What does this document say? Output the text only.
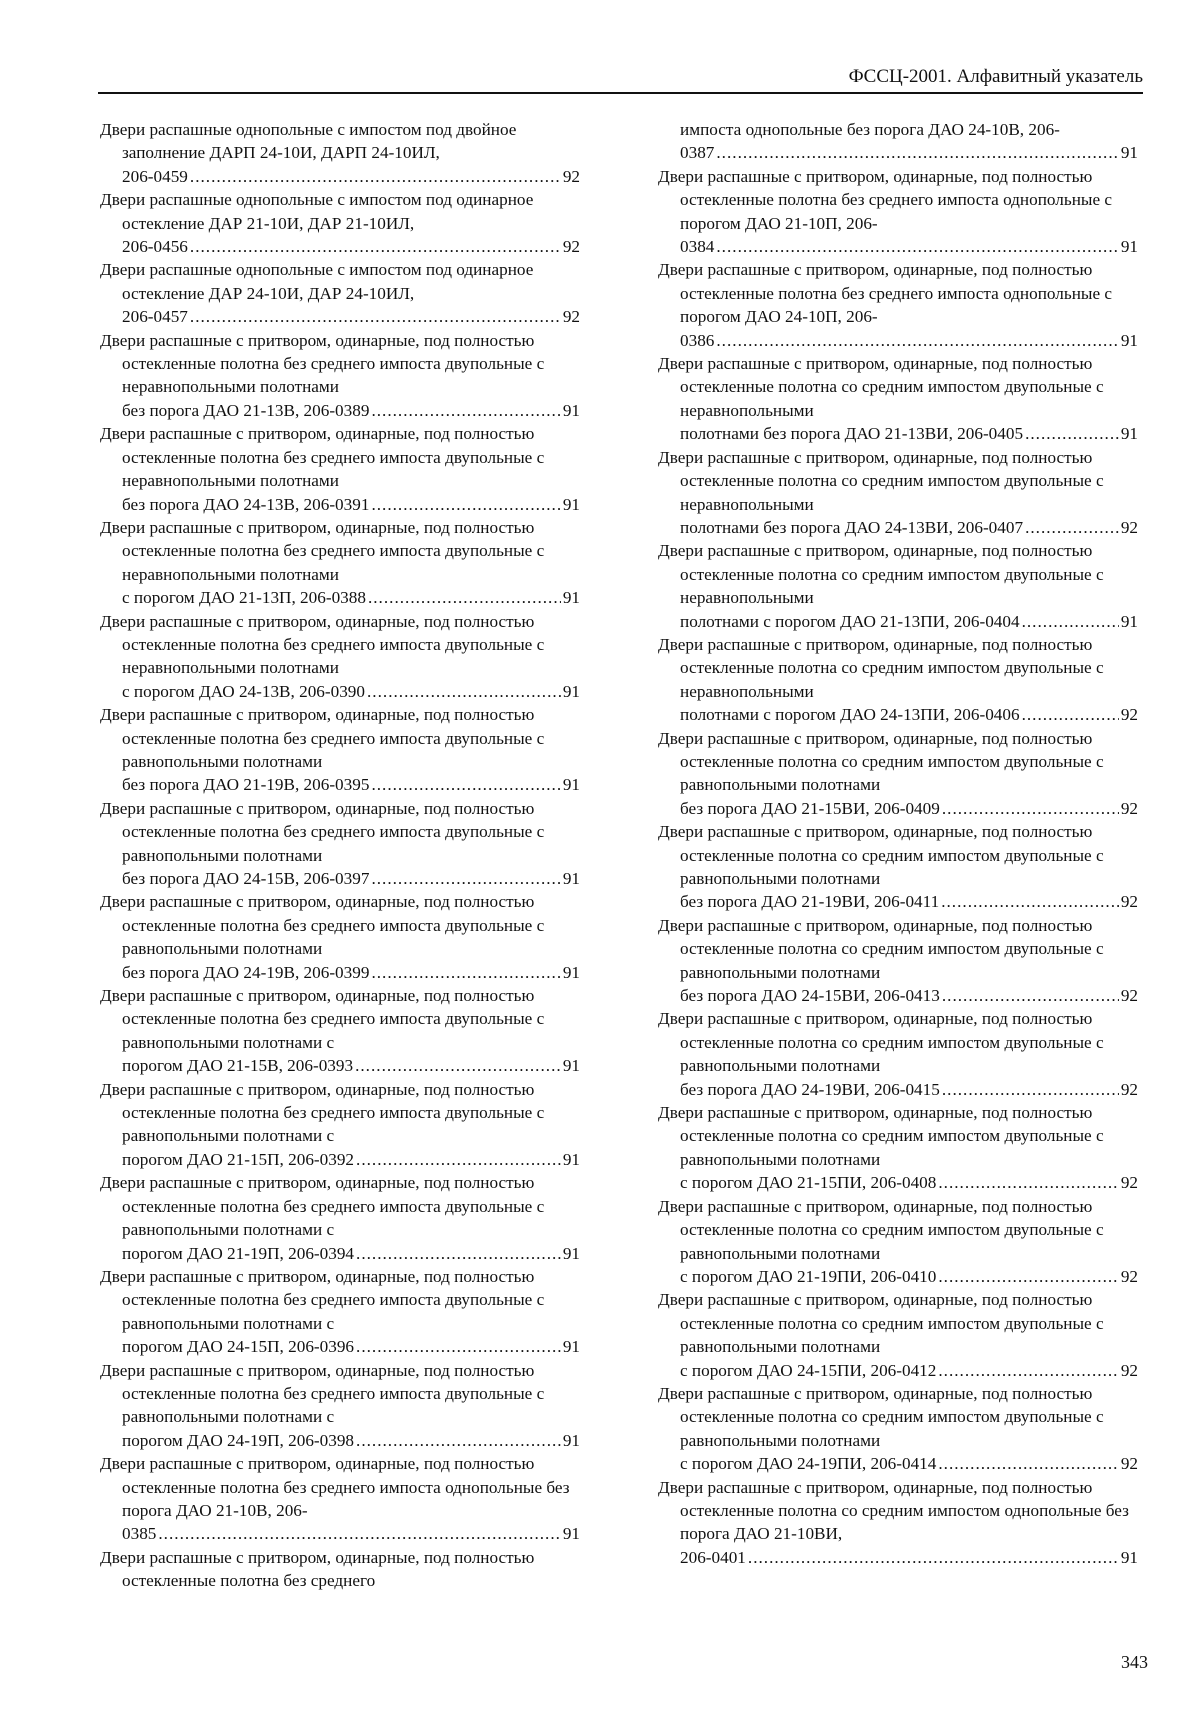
ФССЦ-2001. Алфавитный указатель
Двери распашные однопольные с импостом под двойное заполнение ДАРП 24-10И, ДАРП 24-10ИЛ,
206-0459 .....	92
Двери распашные однопольные с импостом под одинарное остекление ДАР 21-10И, ДАР 21-10ИЛ,
206-0456 .....	92
Двери распашные однопольные с импостом под одинарное остекление ДАР 24-10И, ДАР 24-10ИЛ,
206-0457 .....	92
Двери распашные с притвором, одинарные, под полностью остекленные полотна без среднего импоста двупольные с неравнопольными полотнами
без порога ДАО 21-13В, 206-0389 .....	91
Двери распашные с притвором, одинарные, под полностью остекленные полотна без среднего импоста двупольные с неравнопольными полотнами
без порога ДАО 24-13В, 206-0391 .....	91
Двери распашные с притвором, одинарные, под полностью остекленные полотна без среднего импоста двупольные с неравнопольными полотнами
с порогом ДАО 21-13П, 206-0388 .....	91
Двери распашные с притвором, одинарные, под полностью остекленные полотна без среднего импоста двупольные с неравнопольными полотнами
с порогом ДАО 24-13В, 206-0390 .....	91
Двери распашные с притвором, одинарные, под полностью остекленные полотна без среднего импоста двупольные с равнопольными полотнами
без порога ДАО 21-19В, 206-0395 .....	91
Двери распашные с притвором, одинарные, под полностью остекленные полотна без среднего импоста двупольные с равнопольными полотнами
без порога ДАО 24-15В, 206-0397 .....	91
Двери распашные с притвором, одинарные, под полностью остекленные полотна без среднего импоста двупольные с равнопольными полотнами
без порога ДАО 24-19В, 206-0399 .....	91
Двери распашные с притвором, одинарные, под полностью остекленные полотна без среднего импоста двупольные с равнопольными полотнами с
порогом ДАО 21-15В, 206-0393 .....	91
Двери распашные с притвором, одинарные, под полностью остекленные полотна без среднего импоста двупольные с равнопольными полотнами с
порогом ДАО 21-15П, 206-0392 .....	91
Двери распашные с притвором, одинарные, под полностью остекленные полотна без среднего импоста двупольные с равнопольными полотнами с
порогом ДАО 21-19П, 206-0394 .....	91
Двери распашные с притвором, одинарные, под полностью остекленные полотна без среднего импоста двупольные с равнопольными полотнами с
порогом ДАО 24-15П, 206-0396 .....	91
Двери распашные с притвором, одинарные, под полностью остекленные полотна без среднего импоста двупольные с равнопольными полотнами с
порогом ДАО 24-19П, 206-0398 .....	91
Двери распашные с притвором, одинарные, под полностью остекленные полотна без среднего импоста однопольные без порога ДАО 21-10В, 206-
0385 .....	91
Двери распашные с притвором, одинарные, под полностью остекленные полотна без среднего
импоста однопольные без порога ДАО 24-10В, 206-
0387 .....	91
Двери распашные с притвором, одинарные, под полностью остекленные полотна без среднего импоста однопольные с порогом ДАО 21-10П, 206-
0384 .....	91
Двери распашные с притвором, одинарные, под полностью остекленные полотна без среднего импоста однопольные с порогом ДАО 24-10П, 206-
0386 .....	91
Двери распашные с притвором, одинарные, под полностью остекленные полотна со средним импостом двупольные с неравнопольными
полотнами без порога ДАО 21-13ВИ, 206-0405 .....	91
Двери распашные с притвором, одинарные, под полностью остекленные полотна со средним импостом двупольные с неравнопольными
полотнами без порога ДАО 24-13ВИ, 206-0407 .....	92
Двери распашные с притвором, одинарные, под полностью остекленные полотна со средним импостом двупольные с неравнопольными
полотнами с порогом ДАО 21-13ПИ, 206-0404 .....	91
Двери распашные с притвором, одинарные, под полностью остекленные полотна со средним импостом двупольные с неравнопольными
полотнами с порогом ДАО 24-13ПИ, 206-0406 .....	92
Двери распашные с притвором, одинарные, под полностью остекленные полотна со средним импостом двупольные с равнопольными полотнами
без порога ДАО 21-15ВИ, 206-0409 .....	92
Двери распашные с притвором, одинарные, под полностью остекленные полотна со средним импостом двупольные с равнопольными полотнами
без порога ДАО 21-19ВИ, 206-0411 .....	92
Двери распашные с притвором, одинарные, под полностью остекленные полотна со средним импостом двупольные с равнопольными полотнами
без порога ДАО 24-15ВИ, 206-0413 .....	92
Двери распашные с притвором, одинарные, под полностью остекленные полотна со средним импостом двупольные с равнопольными полотнами
без порога ДАО 24-19ВИ, 206-0415 .....	92
Двери распашные с притвором, одинарные, под полностью остекленные полотна со средним импостом двупольные с равнопольными полотнами
с порогом ДАО 21-15ПИ, 206-0408 .....	92
Двери распашные с притвором, одинарные, под полностью остекленные полотна со средним импостом двупольные с равнопольными полотнами
с порогом ДАО 21-19ПИ, 206-0410 .....	92
Двери распашные с притвором, одинарные, под полностью остекленные полотна со средним импостом двупольные с равнопольными полотнами
с порогом ДАО 24-15ПИ, 206-0412 .....	92
Двери распашные с притвором, одинарные, под полностью остекленные полотна со средним импостом двупольные с равнопольными полотнами
с порогом ДАО 24-19ПИ, 206-0414 .....	92
Двери распашные с притвором, одинарные, под полностью остекленные полотна со средним импостом однопольные без порога ДАО 21-10ВИ,
206-0401 .....	91
343
